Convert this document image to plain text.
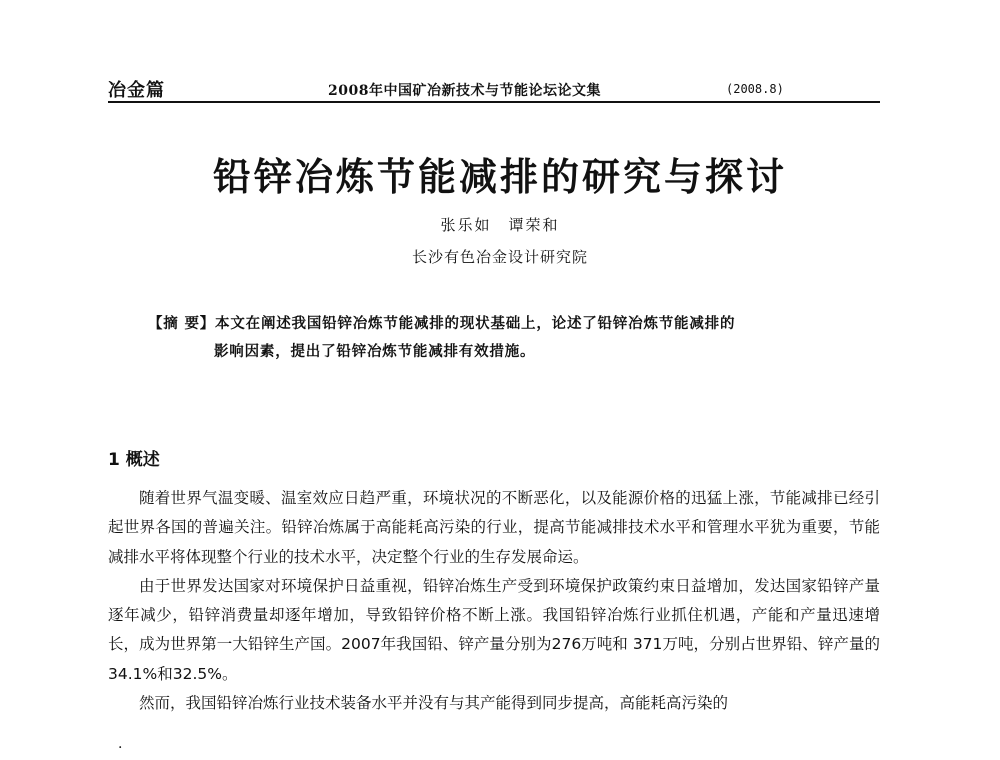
冶金篇	2008年中国矿冶新技术与节能论坛论文集	(2008.8)
铅锌冶炼节能减排的研究与探讨
张乐如　谭荣和
长沙有色冶金设计研究院
【摘 要】本文在阐述我国铅锌冶炼节能减排的现状基础上，论述了铅锌冶炼节能减排的
影响因素，提出了铅锌冶炼节能减排有效措施。
1 概述

随着世界气温变暖、温室效应日趋严重，环境状况的不断恶化，以及能源价格的迅猛上涨，节能减排已经引起世界各国的普遍关注。铅锌冶炼属于高能耗高污染的行业，提高节能减排技术水平和管理水平犹为重要，节能减排水平将体现整个行业的技术水平，决定整个行业的生存发展命运。

由于世界发达国家对环境保护日益重视，铅锌冶炼生产受到环境保护政策约束日益增加，发达国家铅锌产量逐年减少，铅锌消费量却逐年增加，导致铅锌价格不断上涨。我国铅锌冶炼行业抓住机遇，产能和产量迅速增长，成为世界第一大铅锌生产国。2007年我国铅、锌产量分别为276万吨和 371万吨，分别占世界铅、锌产量的34.1%和32.5%。

然而，我国铅锌冶炼行业技术装备水平并没有与其产能得到同步提高，高能耗高污染的

·
